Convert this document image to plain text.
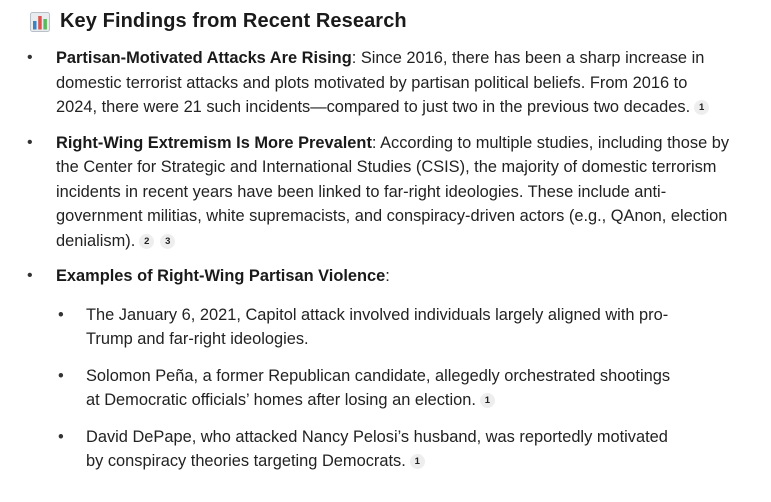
Key Findings from Recent Research
• Partisan-Motivated Attacks Are Rising: Since 2016, there has been a sharp increase in domestic terrorist attacks and plots motivated by partisan political beliefs. From 2016 to 2024, there were 21 such incidents—compared to just two in the previous two decades. 1
• Right-Wing Extremism Is More Prevalent: According to multiple studies, including those by the Center for Strategic and International Studies (CSIS), the majority of domestic terrorism incidents in recent years have been linked to far-right ideologies. These include anti-government militias, white supremacists, and conspiracy-driven actors (e.g., QAnon, election denialism). 2 3
• Examples of Right-Wing Partisan Violence:
• The January 6, 2021, Capitol attack involved individuals largely aligned with pro-Trump and far-right ideologies.
• Solomon Peña, a former Republican candidate, allegedly orchestrated shootings at Democratic officials’ homes after losing an election. 1
• David DePape, who attacked Nancy Pelosi’s husband, was reportedly motivated by conspiracy theories targeting Democrats. 1
